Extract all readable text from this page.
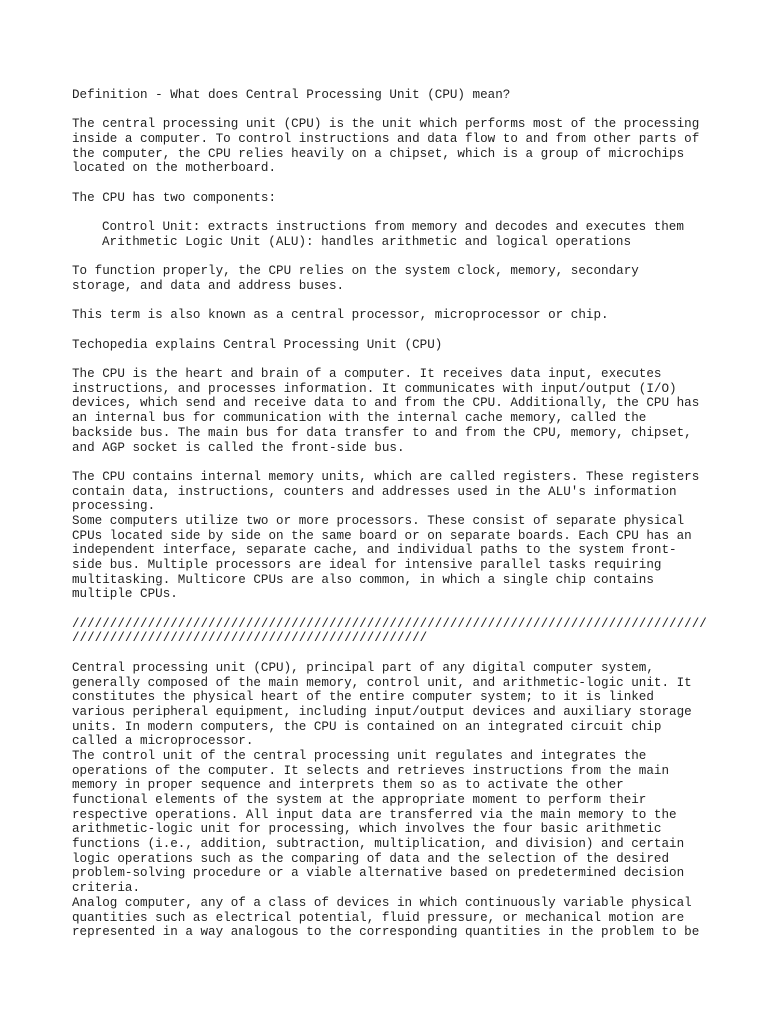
Definition - What does Central Processing Unit (CPU) mean?
The central processing unit (CPU) is the unit which performs most of the processing
inside a computer. To control instructions and data flow to and from other parts of
the computer, the CPU relies heavily on a chipset, which is a group of microchips
located on the motherboard.
The CPU has two components:
Control Unit: extracts instructions from memory and decodes and executes them
Arithmetic Logic Unit (ALU): handles arithmetic and logical operations
To function properly, the CPU relies on the system clock, memory, secondary
storage, and data and address buses.
This term is also known as a central processor, microprocessor or chip.
Techopedia explains Central Processing Unit (CPU)
The CPU is the heart and brain of a computer. It receives data input, executes
instructions, and processes information. It communicates with input/output (I/O)
devices, which send and receive data to and from the CPU. Additionally, the CPU has
an internal bus for communication with the internal cache memory, called the
backside bus. The main bus for data transfer to and from the CPU, memory, chipset,
and AGP socket is called the front-side bus.
The CPU contains internal memory units, which are called registers. These registers
contain data, instructions, counters and addresses used in the ALU's information
processing.
Some computers utilize two or more processors. These consist of separate physical
CPUs located side by side on the same board or on separate boards. Each CPU has an
independent interface, separate cache, and individual paths to the system front-
side bus. Multiple processors are ideal for intensive parallel tasks requiring
multitasking. Multicore CPUs are also common, in which a single chip contains
multiple CPUs.
////////////////////////////////////////////////////////////////////////////////////
///////////////////////////////////////////////
Central processing unit (CPU), principal part of any digital computer system,
generally composed of the main memory, control unit, and arithmetic-logic unit. It
constitutes the physical heart of the entire computer system; to it is linked
various peripheral equipment, including input/output devices and auxiliary storage
units. In modern computers, the CPU is contained on an integrated circuit chip
called a microprocessor.
The control unit of the central processing unit regulates and integrates the
operations of the computer. It selects and retrieves instructions from the main
memory in proper sequence and interprets them so as to activate the other
functional elements of the system at the appropriate moment to perform their
respective operations. All input data are transferred via the main memory to the
arithmetic-logic unit for processing, which involves the four basic arithmetic
functions (i.e., addition, subtraction, multiplication, and division) and certain
logic operations such as the comparing of data and the selection of the desired
problem-solving procedure or a viable alternative based on predetermined decision
criteria.
Analog computer, any of a class of devices in which continuously variable physical
quantities such as electrical potential, fluid pressure, or mechanical motion are
represented in a way analogous to the corresponding quantities in the problem to be
